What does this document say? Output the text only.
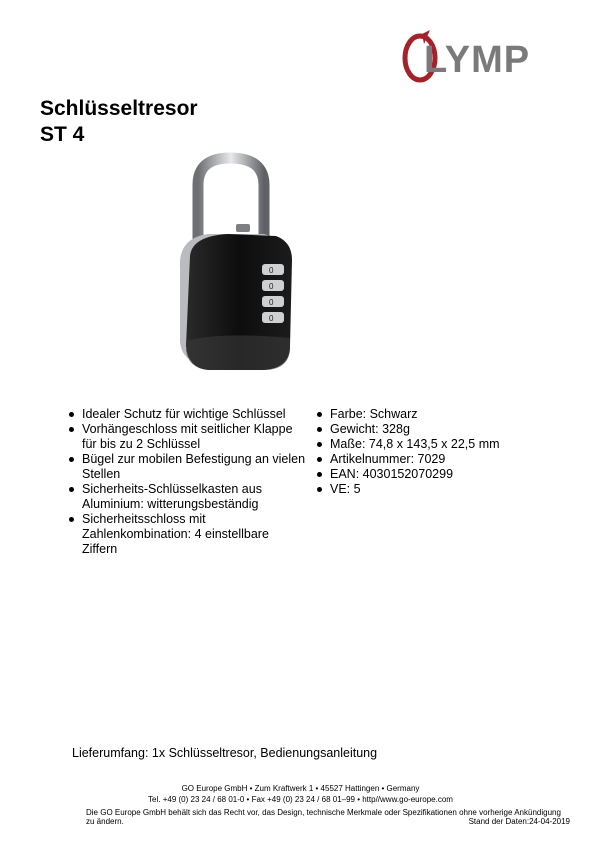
LYMP
Schlüsseltresor
ST 4
0
0
0
0
Idealer Schutz für wichtige Schlüssel
Vorhängeschloss mit seitlicher Klappe für bis zu 2 Schlüssel
Bügel zur mobilen Befestigung an vielen Stellen
Sicherheits-Schlüsselkasten aus Aluminium: witterungsbeständig
Sicherheitsschloss mit Zahlenkombination: 4 einstellbare Ziffern
Farbe: Schwarz
Gewicht: 328g
Maße: 74,8 x 143,5 x 22,5 mm
Artikelnummer: 7029
EAN: 4030152070299
VE: 5
Lieferumfang: 1x Schlüsseltresor, Bedienungsanleitung
GO Europe GmbH • Zum Kraftwerk 1 • 45527 Hattingen • Germany
Tel. +49 (0) 23 24 / 68 01-0 • Fax +49 (0) 23 24 / 68 01–99 • http//www.go-europe.com
Die GO Europe GmbH behält sich das Recht vor, das Design, technische Merkmale oder Spezifikationen ohne vorherige Ankündigung zu ändern.	Stand der Daten:24-04-2019
